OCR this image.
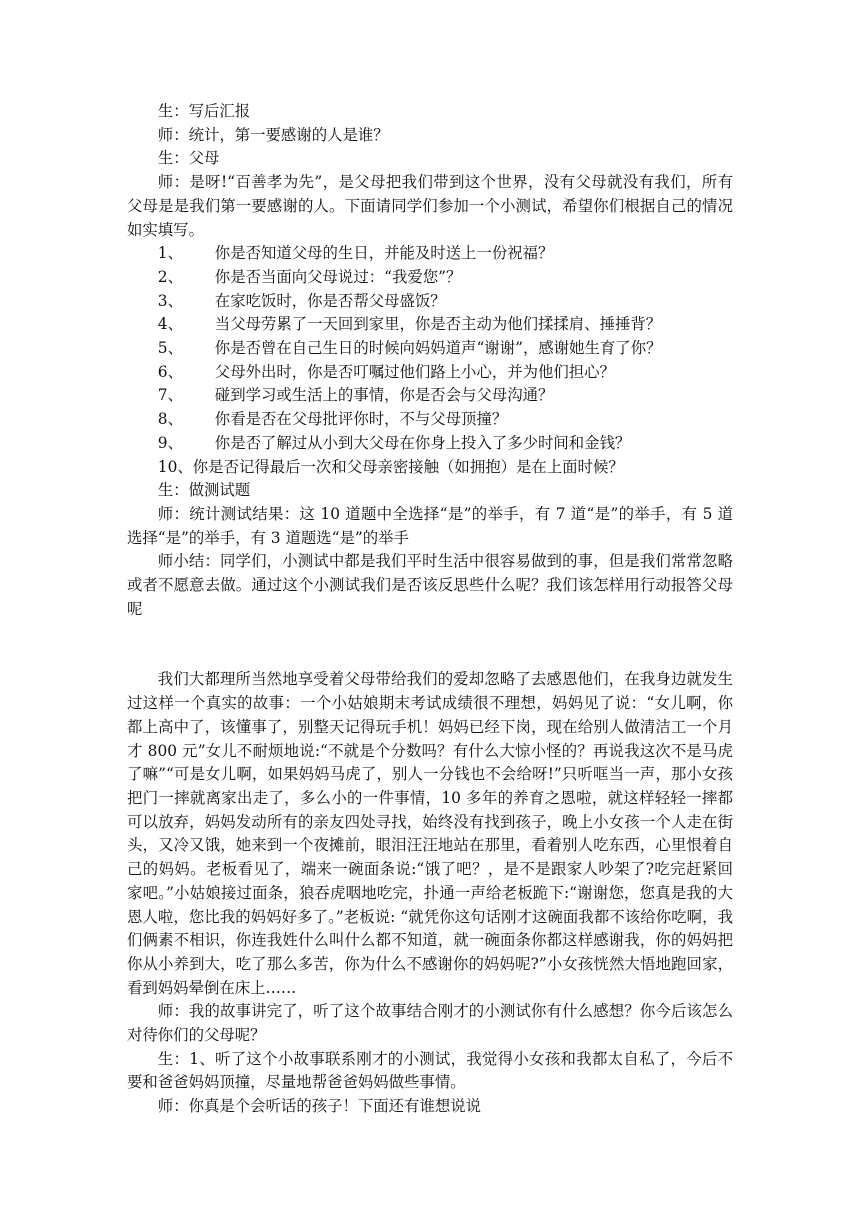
生：写后汇报

师：统计，第一要感谢的人是谁？

生：父母

师：是呀!“百善孝为先”，是父母把我们带到这个世界，没有父母就没有我们，所有父母是是我们第一要感谢的人。下面请同学们参加一个小测试，希望你们根据自己的情况如实填写。

1、	你是否知道父母的生日，并能及时送上一份祝福？
2、	你是否当面向父母说过：“我爱您”？
3、	在家吃饭时，你是否帮父母盛饭？
4、	当父母劳累了一天回到家里，你是否主动为他们揉揉肩、捶捶背？
5、	你是否曾在自己生日的时候向妈妈道声“谢谢”，感谢她生育了你？
6、	父母外出时，你是否叮嘱过他们路上小心，并为他们担心？
7、	碰到学习或生活上的事情，你是否会与父母沟通？
8、	你看是否在父母批评你时，不与父母顶撞？
9、	你是否了解过从小到大父母在你身上投入了多少时间和金钱？
10、 你是否记得最后一次和父母亲密接触（如拥抱）是在上面时候？

生：做测试题

师：统计测试结果：这 10 道题中全选择“是”的举手，有 7 道“是”的举手，有 5 道选择“是”的举手，有 3 道题选“是”的举手

师小结：同学们，小测试中都是我们平时生活中很容易做到的事，但是我们常常忽略或者不愿意去做。通过这个小测试我们是否该反思些什么呢？我们该怎样用行动报答父母呢

我们大都理所当然地享受着父母带给我们的爱却忽略了去感恩他们，在我身边就发生过这样一个真实的故事：一个小姑娘期末考试成绩很不理想，妈妈见了说：“女儿啊，你都上高中了，该懂事了，别整天记得玩手机！妈妈已经下岗，现在给别人做清洁工一个月才 800 元”女儿不耐烦地说:“不就是个分数吗？有什么大惊小怪的？再说我这次不是马虎了嘛”“可是女儿啊，如果妈妈马虎了，别人一分钱也不会给呀!”只听哐当一声，那小女孩把门一摔就离家出走了，多么小的一件事情，10 多年的养育之恩啦，就这样轻轻一摔都可以放弃，妈妈发动所有的亲友四处寻找，始终没有找到孩子，晚上小女孩一个人走在街头，又冷又饿，她来到一个夜摊前，眼泪汪汪地站在那里，看着别人吃东西，心里恨着自己的妈妈。老板看见了，端来一碗面条说:“饿了吧？，是不是跟家人吵架了?吃完赶紧回家吧。”小姑娘接过面条，狼吞虎咽地吃完，扑通一声给老板跪下:“谢谢您，您真是我的大恩人啦，您比我的妈妈好多了。”老板说: “就凭你这句话刚才这碗面我都不该给你吃啊，我们俩素不相识，你连我姓什么叫什么都不知道，就一碗面条你都这样感谢我，你的妈妈把你从小养到大，吃了那么多苦，你为什么不感谢你的妈妈呢?”小女孩恍然大悟地跑回家，看到妈妈晕倒在床上……

师：我的故事讲完了，听了这个故事结合刚才的小测试你有什么感想？你今后该怎么对待你们的父母呢？

生：1、听了这个小故事联系刚才的小测试，我觉得小女孩和我都太自私了，今后不要和爸爸妈妈顶撞，尽量地帮爸爸妈妈做些事情。

师：你真是个会听话的孩子！下面还有谁想说说
